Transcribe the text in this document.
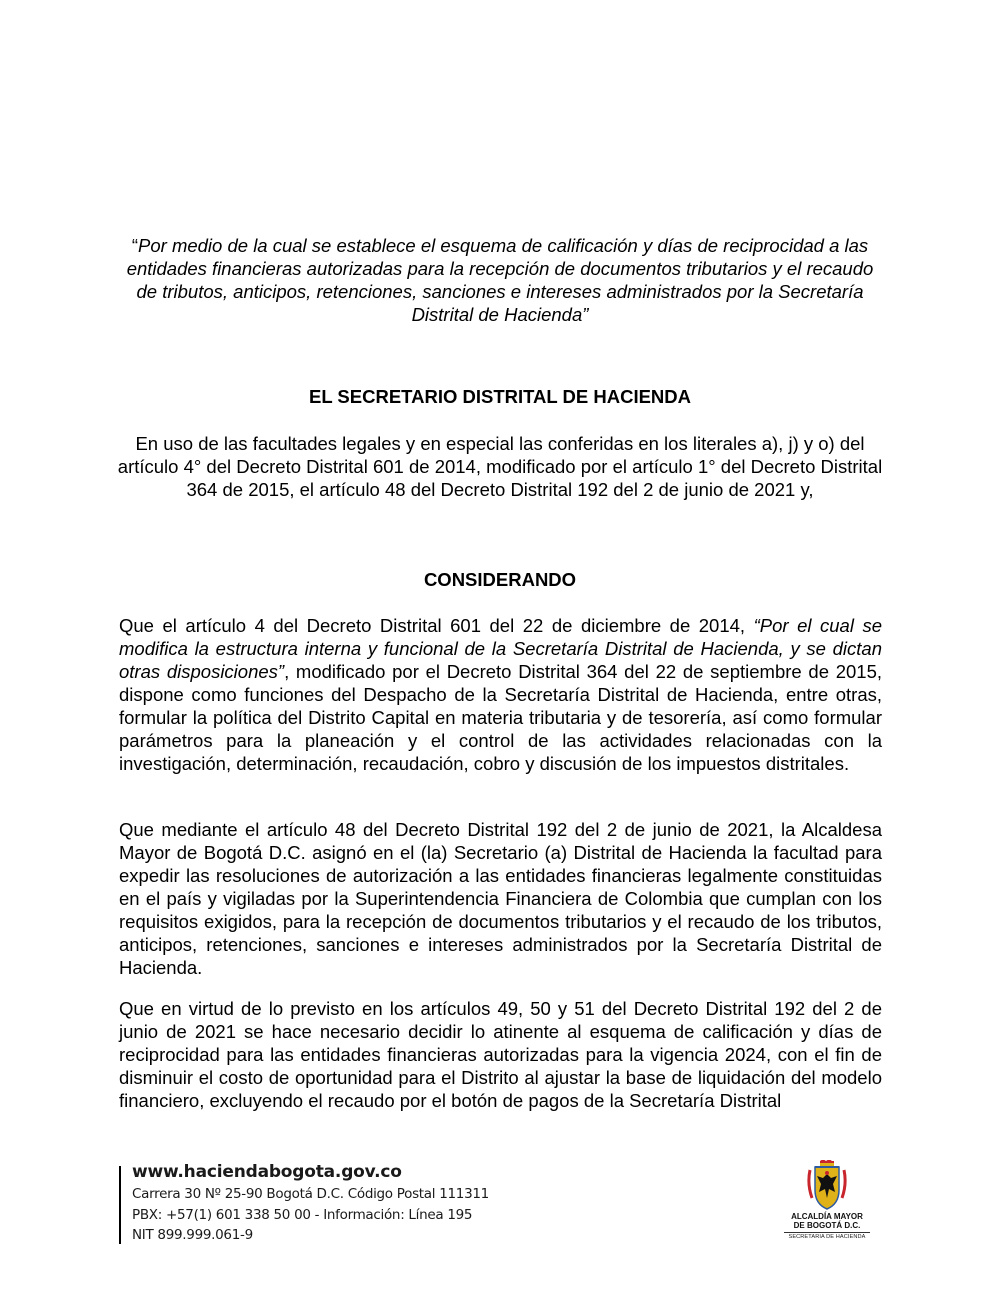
“Por medio de la cual se establece el esquema de calificación y días de reciprocidad a las entidades financieras autorizadas para la recepción de documentos tributarios y el recaudo de tributos, anticipos, retenciones, sanciones e intereses administrados por la Secretaría Distrital de Hacienda”
EL SECRETARIO DISTRITAL DE HACIENDA
En uso de las facultades legales y en especial las conferidas en los literales a), j) y o) del artículo 4° del Decreto Distrital 601 de 2014, modificado por el artículo 1° del Decreto Distrital 364 de 2015, el artículo 48 del Decreto Distrital 192 del 2 de junio de 2021 y,
CONSIDERANDO
Que el artículo 4 del Decreto Distrital 601 del 22 de diciembre de 2014, “Por el cual se modifica la estructura interna y funcional de la Secretaría Distrital de Hacienda, y se dictan otras disposiciones”, modificado por el Decreto Distrital 364 del 22 de septiembre de 2015, dispone como funciones del Despacho de la Secretaría Distrital de Hacienda, entre otras, formular la política del Distrito Capital en materia tributaria y de tesorería, así como formular parámetros para la planeación y el control de las actividades relacionadas con la investigación, determinación, recaudación, cobro y discusión de los impuestos distritales.
Que mediante el artículo 48 del Decreto Distrital 192 del 2 de junio de 2021, la Alcaldesa Mayor de Bogotá D.C. asignó en el (la) Secretario (a) Distrital de Hacienda la facultad para expedir las resoluciones de autorización a las entidades financieras legalmente constituidas en el país y vigiladas por la Superintendencia Financiera de Colombia que cumplan con los requisitos exigidos, para la recepción de documentos tributarios y el recaudo de los tributos, anticipos, retenciones, sanciones e intereses administrados por la Secretaría Distrital de Hacienda.
Que en virtud de lo previsto en los artículos 49, 50 y 51 del Decreto Distrital 192 del 2 de junio de 2021 se hace necesario decidir lo atinente al esquema de calificación y días de reciprocidad para las entidades financieras autorizadas para la vigencia 2024, con el fin de disminuir el costo de oportunidad para el Distrito al ajustar la base de liquidación del modelo financiero, excluyendo el recaudo por el botón de pagos de la Secretaría Distrital
www.haciendabogota.gov.co
Carrera 30 Nº 25-90 Bogotá D.C. Código Postal 111311
PBX: +57(1) 601 338 50 00 - Información: Línea 195
NIT 899.999.061-9
ALCALDÍA MAYOR
DE BOGOTÁ D.C.
SECRETARIA DE HACIENDA
